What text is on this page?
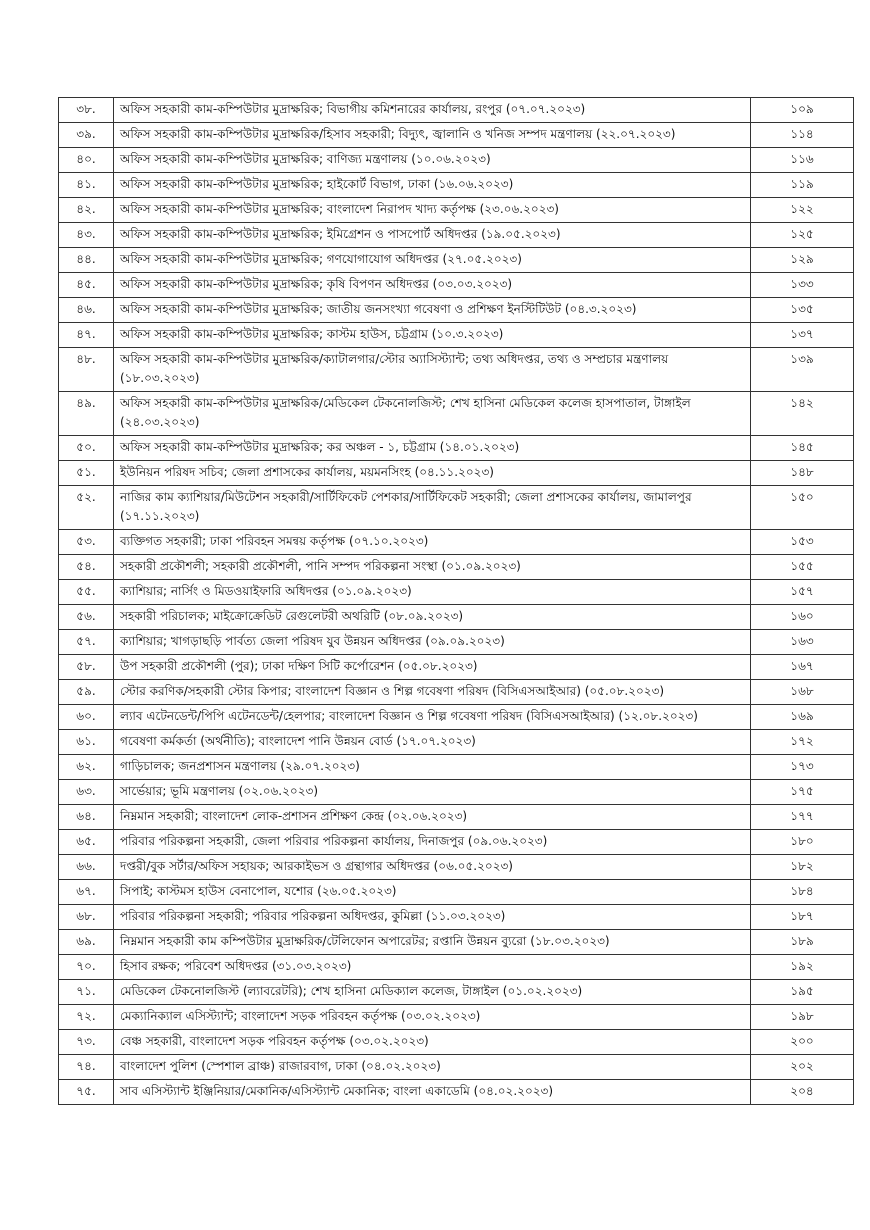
৩৮.	অফিস সহকারী কাম-কম্পিউটার মুদ্রাক্ষরিক; বিভাগীয় কমিশনারের কার্যালয়, রংপুর (০৭.০৭.২০২৩)	১০৯
৩৯.	অফিস সহকারী কাম-কম্পিউটার মুদ্রাক্ষরিক/হিসাব সহকারী; বিদ্যুৎ, জ্বালানি ও খনিজ সম্পদ মন্ত্রণালয় (২২.০৭.২০২৩)	১১৪
৪০.	অফিস সহকারী কাম-কম্পিউটার মুদ্রাক্ষরিক; বাণিজ্য মন্ত্রণালয় (১০.০৬.২০২৩)	১১৬
৪১.	অফিস সহকারী কাম-কম্পিউটার মুদ্রাক্ষরিক; হাইকোর্ট বিভাগ, ঢাকা (১৬.০৬.২০২৩)	১১৯
৪২.	অফিস সহকারী কাম-কম্পিউটার মুদ্রাক্ষরিক; বাংলাদেশ নিরাপদ খাদ্য কর্তৃপক্ষ (২৩.০৬.২০২৩)	১২২
৪৩.	অফিস সহকারী কাম-কম্পিউটার মুদ্রাক্ষরিক; ইমিগ্রেশন ও পাসপোর্ট অধিদপ্তর (১৯.০৫.২০২৩)	১২৫
৪৪.	অফিস সহকারী কাম-কম্পিউটার মুদ্রাক্ষরিক; গণযোগাযোগ অধিদপ্তর (২৭.০৫.২০২৩)	১২৯
৪৫.	অফিস সহকারী কাম-কম্পিউটার মুদ্রাক্ষরিক; কৃষি বিপণন অধিদপ্তর (০৩.০৩.২০২৩)	১৩৩
৪৬.	অফিস সহকারী কাম-কম্পিউটার মুদ্রাক্ষরিক; জাতীয় জনসংখ্যা গবেষণা ও প্রশিক্ষণ ইনস্টিটিউট (০৪.৩.২০২৩)	১৩৫
৪৭.	অফিস সহকারী কাম-কম্পিউটার মুদ্রাক্ষরিক; কাস্টম হাউস, চট্টগ্রাম (১০.৩.২০২৩)	১৩৭
৪৮.	অফিস সহকারী কাম-কম্পিউটার মুদ্রাক্ষরিক/ক্যাটালগার/স্টোর অ্যাসিস্ট্যান্ট; তথ্য অধিদপ্তর, তথ্য ও সম্প্রচার মন্ত্রণালয় (১৮.০৩.২০২৩)	১৩৯
৪৯.	অফিস সহকারী কাম-কম্পিউটার মুদ্রাক্ষরিক/মেডিকেল টেকনোলজিস্ট; শেখ হাসিনা মেডিকেল কলেজ হাসপাতাল, টাঙ্গাইল (২৪.০৩.২০২৩)	১৪২
৫০.	অফিস সহকারী কাম-কম্পিউটার মুদ্রাক্ষরিক; কর অঞ্চল - ১, চট্টগ্রাম (১৪.০১.২০২৩)	১৪৫
৫১.	ইউনিয়ন পরিষদ সচিব; জেলা প্রশাসকের কার্যালয়, ময়মনসিংহ (০৪.১১.২০২৩)	১৪৮
৫২.	নাজির কাম ক্যাশিয়ার/মিউটেশন সহকারী/সার্টিফিকেট পেশকার/সার্টিফিকেট সহকারী; জেলা প্রশাসকের কার্যালয়, জামালপুর (১৭.১১.২০২৩)	১৫০
৫৩.	ব্যক্তিগত সহকারী; ঢাকা পরিবহন সমন্বয় কর্তৃপক্ষ (০৭.১০.২০২৩)	১৫৩
৫৪.	সহকারী প্রকৌশলী; সহকারী প্রকৌশলী, পানি সম্পদ পরিকল্পনা সংস্থা (০১.০৯.২০২৩)	১৫৫
৫৫.	ক্যাশিয়ার; নার্সিং ও মিডওয়াইফারি অধিদপ্তর (০১.০৯.২০২৩)	১৫৭
৫৬.	সহকারী পরিচালক; মাইক্রোক্রেডিট রেগুলেটরী অথরিটি (০৮.০৯.২০২৩)	১৬০
৫৭.	ক্যাশিয়ার; খাগড়াছড়ি পার্বত্য জেলা পরিষদ যুব উন্নয়ন অধিদপ্তর (০৯.০৯.২০২৩)	১৬৩
৫৮.	উপ সহকারী প্রকৌশলী (পুর); ঢাকা দক্ষিণ সিটি কর্পোরেশন (০৫.০৮.২০২৩)	১৬৭
৫৯.	স্টোর করণিক/সহকারী স্টোর কিপার; বাংলাদেশ বিজ্ঞান ও শিল্প গবেষণা পরিষদ (বিসিএসআইআর) (০৫.০৮.২০২৩)	১৬৮
৬০.	ল্যাব এটেনডেন্ট/পিপি এটেনডেন্ট/হেলপার; বাংলাদেশ বিজ্ঞান ও শিল্প গবেষণা পরিষদ (বিসিএসআইআর) (১২.০৮.২০২৩)	১৬৯
৬১.	গবেষণা কর্মকর্তা (অর্থনীতি); বাংলাদেশ পানি উন্নয়ন বোর্ড (১৭.০৭.২০২৩)	১৭২
৬২.	গাড়িচালক; জনপ্রশাসন মন্ত্রণালয় (২৯.০৭.২০২৩)	১৭৩
৬৩.	সার্ভেয়ার; ভূমি মন্ত্রণালয় (০২.০৬.২০২৩)	১৭৫
৬৪.	নিম্নমান সহকারী; বাংলাদেশ লোক-প্রশাসন প্রশিক্ষণ কেন্দ্র (০২.০৬.২০২৩)	১৭৭
৬৫.	পরিবার পরিকল্পনা সহকারী, জেলা পরিবার পরিকল্পনা কার্যালয়, দিনাজপুর (০৯.০৬.২০২৩)	১৮০
৬৬.	দপ্তরী/বুক সর্টার/অফিস সহায়ক; আরকাইভস ও গ্রন্থাগার অধিদপ্তর (০৬.০৫.২০২৩)	১৮২
৬৭.	সিপাই; কাস্টমস হাউস বেনাপোল, যশোর (২৬.০৫.২০২৩)	১৮৪
৬৮.	পরিবার পরিকল্পনা সহকারী; পরিবার পরিকল্পনা অধিদপ্তর, কুমিল্লা (১১.০৩.২০২৩)	১৮৭
৬৯.	নিম্নমান সহকারী কাম কম্পিউটার মুদ্রাক্ষরিক/টেলিফোন অপারেটর; রপ্তানি উন্নয়ন ব্যুরো (১৮.০৩.২০২৩)	১৮৯
৭০.	হিসাব রক্ষক; পরিবেশ অধিদপ্তর (৩১.০৩.২০২৩)	১৯২
৭১.	মেডিকেল টেকনোলজিস্ট (ল্যাবরেটরি); শেখ হাসিনা মেডিক্যাল কলেজ, টাঙ্গাইল (০১.০২.২০২৩)	১৯৫
৭২.	মেক্যানিক্যাল এসিস্ট্যান্ট; বাংলাদেশ সড়ক পরিবহন কর্তৃপক্ষ (০৩.০২.২০২৩)	১৯৮
৭৩.	বেঞ্চ সহকারী, বাংলাদেশ সড়ক পরিবহন কর্তৃপক্ষ (০৩.০২.২০২৩)	২০০
৭৪.	বাংলাদেশ পুলিশ (স্পেশাল ব্রাঞ্চ) রাজারবাগ, ঢাকা (০৪.০২.২০২৩)	২০২
৭৫.	সাব এসিস্ট্যান্ট ইঞ্জিনিয়ার/মেকানিক/এসিস্ট্যান্ট মেকানিক; বাংলা একাডেমি (০৪.০২.২০২৩)	২০৪
